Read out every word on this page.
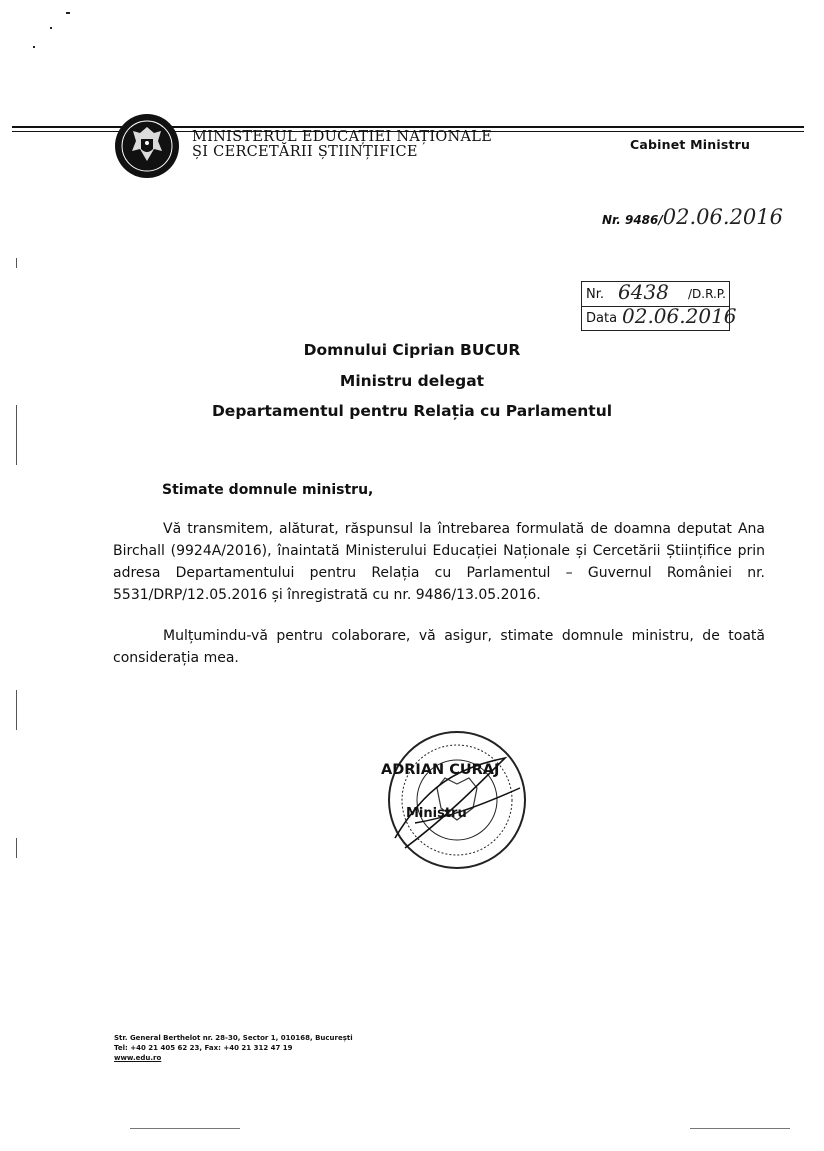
MINISTERUL EDUCAȚIEI NAȚIONALE
ȘI CERCETĂRII ȘTIINȚIFICE	Cabinet Ministru
Nr. 9486/02.06.2016
Nr. 6438 /D.R.P.
Data 02.06.2016
Domnului Ciprian BUCUR
Ministru delegat
Departamentul pentru Relația cu Parlamentul
Stimate domnule ministru,
Vă transmitem, alăturat, răspunsul la întrebarea formulată de doamna deputat Ana Birchall (9924A/2016), înaintată Ministerului Educației Naționale și Cercetării Științifice prin adresa Departamentului pentru Relația cu Parlamentul – Guvernul României nr. 5531/DRP/12.05.2016 și înregistrată cu nr. 9486/13.05.2016.
Mulțumindu-vă pentru colaborare, vă asigur, stimate domnule ministru, de toată considerația mea.
ADRIAN CURAJ
Ministru
Str. General Berthelot nr. 28-30, Sector 1, 010168, București
Tel: +40 21 405 62 23, Fax: +40 21 312 47 19
www.edu.ro
